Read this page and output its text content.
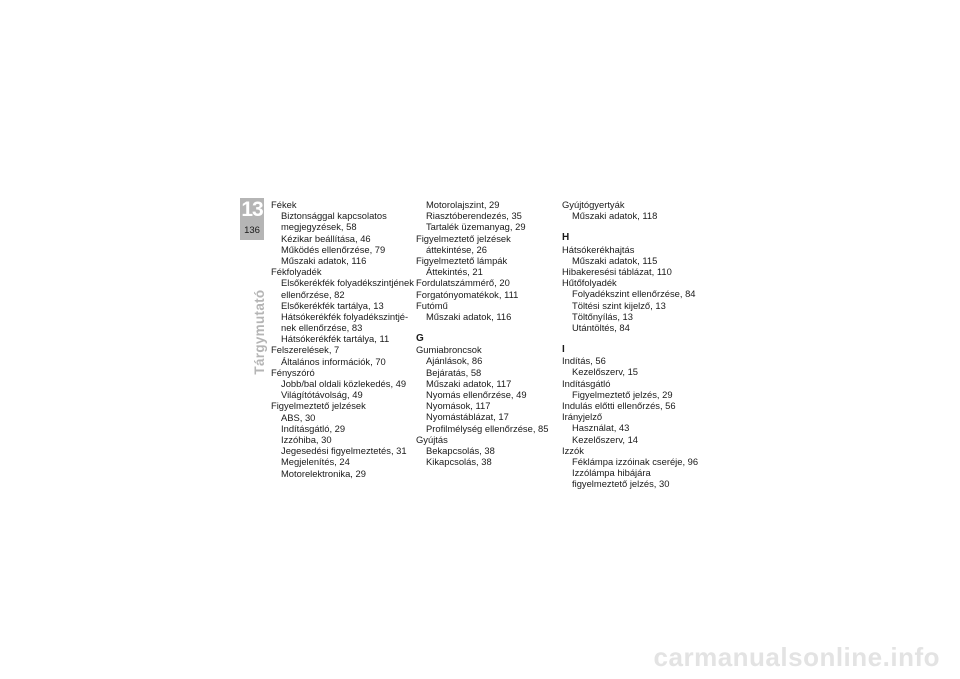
13
136
Tárgymutató
Fékek
Biztonsággal kapcsolatos
megjegyzések, 58
Kézikar beállítása, 46
Működés ellenőrzése, 79
Műszaki adatok, 116
Fékfolyadék
Elsőkerékfék folyadékszintjének
ellenőrzése, 82
Elsőkerékfék tartálya, 13
Hátsókerékfék folyadékszintjé-
nek ellenőrzése, 83
Hátsókerékfék tartálya, 11
Felszerelések, 7
Általános információk, 70
Fényszóró
Jobb/bal oldali közlekedés, 49
Világítótávolság, 49
Figyelmeztető jelzések
ABS, 30
Indításgátló, 29
Izzóhiba, 30
Jegesedési figyelmeztetés, 31
Megjelenítés, 24
Motorelektronika, 29
Motorolajszint, 29
Riasztóberendezés, 35
Tartalék üzemanyag, 29
Figyelmeztető jelzések
áttekintése, 26
Figyelmeztető lámpák
Áttekintés, 21
Fordulatszámmérő, 20
Forgatónyomatékok, 111
Futómű
Műszaki adatok, 116
G
Gumiabroncsok
Ajánlások, 86
Bejáratás, 58
Műszaki adatok, 117
Nyomás ellenőrzése, 49
Nyomások, 117
Nyomástáblázat, 17
Profilmélység ellenőrzése, 85
Gyújtás
Bekapcsolás, 38
Kikapcsolás, 38
Gyújtógyertyák
Műszaki adatok, 118
H
Hátsókerékhajtás
Műszaki adatok, 115
Hibakeresési táblázat, 110
Hűtőfolyadék
Folyadékszint ellenőrzése, 84
Töltési szint kijelző, 13
Töltőnyílás, 13
Utántöltés, 84
I
Indítás, 56
Kezelőszerv, 15
Indításgátló
Figyelmeztető jelzés, 29
Indulás előtti ellenőrzés, 56
Irányjelző
Használat, 43
Kezelőszerv, 14
Izzók
Féklámpa izzóinak cseréje, 96
Izzólámpa hibájára
figyelmeztető jelzés, 30
carmanualsonline.info
